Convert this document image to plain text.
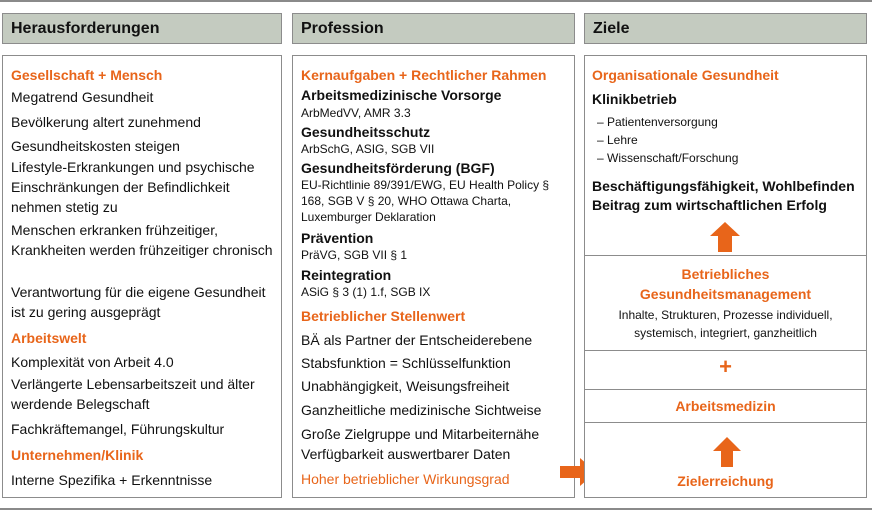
Herausforderungen	Profession	Ziele
Gesellschaft + Mensch
Megatrend Gesundheit
Bevölkerung altert zunehmend
Gesundheitskosten steigen
Lifestyle-Erkrankungen und psychische Einschränkungen der Befindlichkeit nehmen stetig zu
Menschen erkranken frühzeitiger, Krankheiten werden frühzeitiger chronisch
Verantwortung für die eigene Gesundheit ist zu gering ausgeprägt
Arbeitswelt
Komplexität von Arbeit 4.0
Verlängerte Lebensarbeitszeit und älter werdende Belegschaft
Fachkräftemangel, Führungskultur
Unternehmen/Klinik
Interne Spezifika + Erkenntnisse
Kernaufgaben + Rechtlicher Rahmen
Arbeitsmedizinische Vorsorge
ArbMedVV, AMR 3.3
Gesundheitsschutz
ArbSchG, ASIG, SGB VII
Gesundheitsförderung (BGF)
EU-Richtlinie 89/391/EWG, EU Health Policy § 168, SGB V § 20, WHO Ottawa Charta, Luxemburger Deklaration
Prävention
PräVG, SGB VII § 1
Reintegration
ASiG § 3 (1) 1.f, SGB IX
Betrieblicher Stellenwert
BÄ als Partner der Entscheiderebene
Stabsfunktion = Schlüsselfunktion
Unabhängigkeit, Weisungsfreiheit
Ganzheitliche medizinische Sichtweise
Große Zielgruppe und Mitarbeiternähe Verfügbarkeit auswertbarer Daten
Hoher betrieblicher Wirkungsgrad
Organisationale Gesundheit
Klinikbetrieb
– Patientenversorgung
– Lehre
– Wissenschaft/Forschung
Beschäftigungsfähigkeit, Wohlbefinden Beitrag zum wirtschaftlichen Erfolg
Betriebliches Gesundheitsmanagement
Inhalte, Strukturen, Prozesse individuell, systemisch, integriert, ganzheitlich
+
Arbeitsmedizin
Zielerreichung
